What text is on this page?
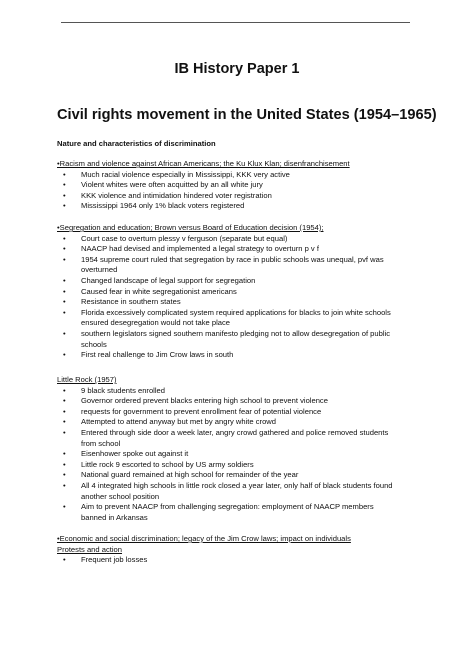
IB History Paper 1
Civil rights movement in the United States (1954–1965)
Nature and characteristics of discrimination
•Racism and violence against African Americans; the Ku Klux Klan; disenfranchisement
• Much racial violence especially in Mississippi, KKK very active
• Violent whites were often acquitted by an all white jury
• KKK violence and intimidation hindered voter registration
• Mississippi 1964 only 1% black voters registered
•Segregation and education; Brown versus Board of Education decision (1954);
• Court case to overturn plessy v ferguson (separate but equal)
• NAACP had devised and implemented a legal strategy to overturn p v f
• 1954 supreme court ruled that segregation by race in public schools was unequal, pvf was overturned
• Changed landscape of legal support for segregation
• Caused fear in white segregationist americans
• Resistance in southern states
• Florida excessively complicated system required applications for blacks to join white schools ensured desegregation would not take place
• southern legislators signed southern manifesto pledging not to allow desegregation of public schools
• First real challenge to Jim Crow laws in south
Little Rock (1957)
• 9 black students enrolled
• Governor ordered prevent blacks entering high school to prevent violence
• requests for government to prevent enrollment fear of potential violence
• Attempted to attend anyway but met by angry white crowd
• Entered through side door a week later, angry crowd gathered and police removed students from school
• Eisenhower spoke out against it
• Little rock 9 escorted to school by US army soldiers
• National guard remained at high school for remainder of the year
• All 4 integrated high schools in little rock closed a year later, only half of black students found another school position
• Aim to prevent NAACP from challenging segregation: employment of NAACP members banned in Arkansas
•Economic and social discrimination; legacy of the Jim Crow laws; impact on individuals
Protests and action
• Frequent job losses
